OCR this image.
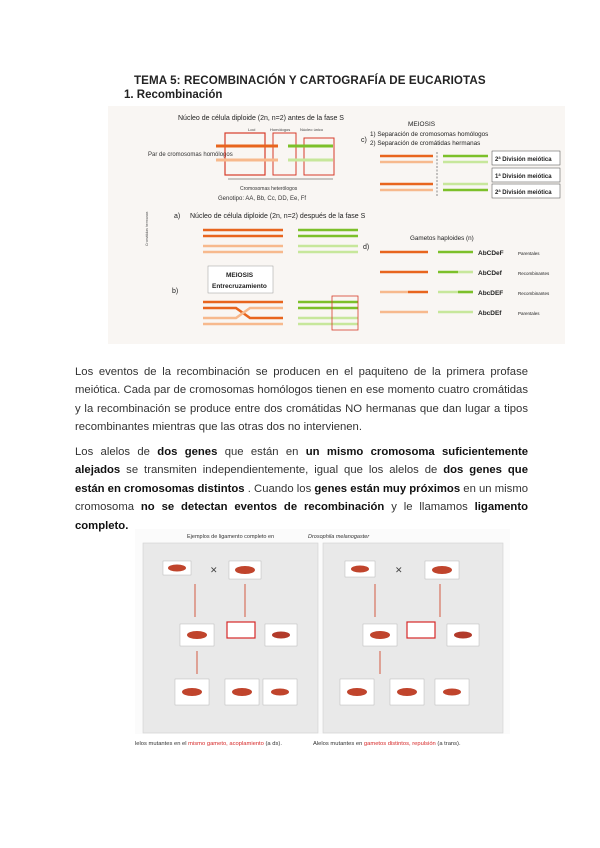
TEMA 5: RECOMBINACIÓN Y CARTOGRAFÍA DE EUCARIOTAS
1. Recombinación
Núcleo de célula diploide (2n, n=2) antes de la fase S
Loci	Homólogos Núcleo único
Par de cromosomas homólogos
Cromosomas heterólogos
Genotipo: AA, Bb, Cc, DD, Ee, Ff
a) Núcleo de célula diploide (2n, n=2) después de la fase S
Cromátidas hermanas
MEIOSIS
Entrecruzamiento
b)
c)
MEIOSIS
1) Separación de cromosomas homólogos
2) Separación de cromátidas hermanas
2ª División meiótica
1ª División meiótica
2ª División meiótica
d)
Gametos haploides (n)
AbCDeF	Parentales
AbCDef	Recombinantes
AbcDEF	Recombinantes
AbcDEf	Parentales

Los eventos de la recombinación se producen en el paquiteno de la primera profase meiótica. Cada par de cromosomas homólogos tienen en ese momento cuatro cromátidas y la recombinación se produce entre dos cromátidas NO hermanas que dan lugar a tipos recombinantes mientras que las otras dos no intervienen.

Los alelos de dos genes que están en un mismo cromosoma suficientemente alejados se transmiten independientemente, igual que los alelos de dos genes que están en cromosomas distintos . Cuando los genes están muy próximos en un mismo cromosoma no se detectan eventos de recombinación y le llamamos ligamento completo.

Ejemplos de ligamento completo en	Drosophila melanogaster
✕	✕
lelos mutantes en el mismo gameto, acoplamiento (a ds).	Alelos mutantes en gametos distintos, repulsión (a trans).
